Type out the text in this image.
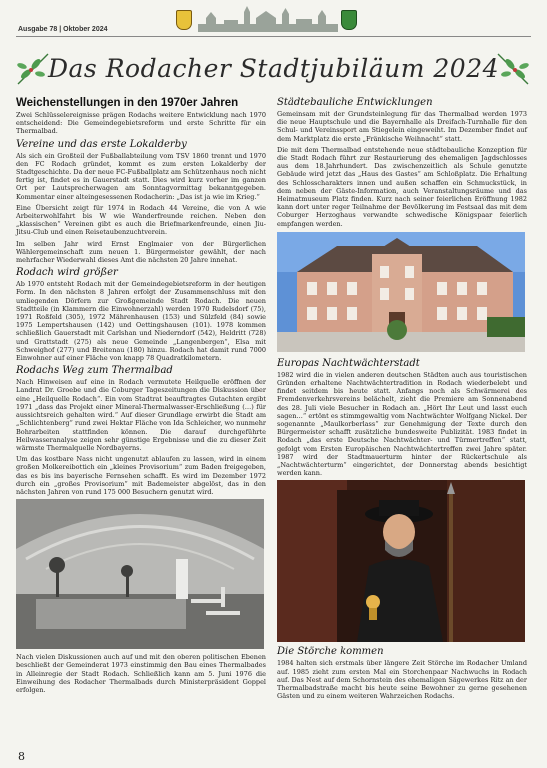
Ausgabe 78 | Oktober 2024
Das Rodacher Stadtjubiläum 2024
Weichenstellungen in den 1970er Jahren

Zwei Schlüsselereignisse prägen Rodachs weitere Entwicklung nach 1970 entscheidend: Die Gemeindegebietsreform und erste Schritte für ein Thermalbad.

Vereine und das erste Lokalderby

Als sich ein Großteil der Fußballabteilung vom TSV 1860 trennt und 1970 den FC Rodach gründet, kommt es zum ersten Lokalderby der Stadtgeschichte. Da der neue FC-Fußballplatz am Schützenhaus noch nicht fertig ist, findet es in Gauerstadt statt. Dies wird kurz vorher im ganzen Ort per Lautsprecherwagen am Sonntagvormittag bekanntgegeben. Kommentar einer alteingesessenen Rodacherin: „Das ist ja wie im Krieg.“

Eine Übersicht zeigt für 1974 in Rodach 44 Vereine, die von A wie Arbeiterwohlfahrt bis W wie Wanderfreunde reichen. Neben den „klassischen“ Vereinen gibt es auch die Briefmarkenfreunde, einen Jiu-Jitsu-Club und einen Reisetaubenzuchtverein.

Im selben Jahr wird Ernst Englmaier von der Bürgerlichen Wählergemeinschaft zum neuen 1. Bürgermeister gewählt, der nach mehrfacher Wiederwahl dieses Amt die nächsten 20 Jahre innehat.

Rodach wird größer

Ab 1970 entsteht Rodach mit der Gemeindegebietsreform in der heutigen Form. In den nächsten 8 Jahren erfolgt der Zusammenschluss mit den umliegenden Dörfern zur Großgemeinde Stadt Rodach. Die neuen Stadtteile (in Klammern die Einwohnerzahl) werden 1970 Rudelsdorf (75), 1971 Roßfeld (305), 1972 Mährenhausen (153) und Sülzfeld (84) sowie 1975 Lempertshausen (142) und Oettingshausen (101). 1978 kommen schließlich Gauerstadt mit Carlshan und Niederndorf (542), Heldritt (728) und Grattstadt (275) als neue Gemeinde „Langenbergen“, Elsa mit Schweighof (277) und Breitenau (180) hinzu. Rodach hat damit rund 7000 Einwohner auf einer Fläche von knapp 78 Quadratkilometern.

Rodachs Weg zum Thermalbad

Nach Hinweisen auf eine in Rodach vermutete Heilquelle eröffnen der Landrat Dr. Groebe und die Coburger Tageszeitungen die Diskussion über eine „Heilquelle Rodach“. Ein vom Stadtrat beauftragtes Gutachten ergibt 1971 „dass das Projekt einer Mineral-Thermalwasser-Erschließung (…) für aussichtsreich gehalten wird.“ Auf dieser Grundlage erwirbt die Stadt am „Schlichtenberg“ rund zwei Hektar Fläche von Ida Schleicher, wo nunmehr Bohrarbeiten stattfinden können. Die darauf durchgeführte Heilwasseranalyse zeigen sehr günstige Ergebnisse und die zu dieser Zeit wärmste Thermalquelle Nordbayerns.

Um das kostbare Nass nicht ungenutzt ablaufen zu lassen, wird in einem großen Molkereibottich ein „kleines Provisorium“ zum Baden freigegeben, das es bis ins bayerische Fernsehen schafft. Es wird im Dezember 1972 durch ein „großes Provisorium“ mit Bademeister abgelöst, das in den nächsten Jahren von rund 175 000 Besuchern genutzt wird.

Nach vielen Diskussionen auch auf und mit den oberen politischen Ebenen beschließt der Gemeinderat 1973 einstimmig den Bau eines Thermalbades in Alleinregie der Stadt Rodach. Schließlich kann am 5. Juni 1976 die Einweihung des Rodacher Thermalbads durch Ministerpräsident Goppel erfolgen.

Städtebauliche Entwicklungen

Gemeinsam mit der Grundsteinlegung für das Thermalbad werden 1973 die neue Hauptschule und die Bayernhalle als Dreifach-Turnhalle für den Schul- und Vereinssport am Stiegelein eingeweiht. Im Dezember findet auf dem Marktplatz die erste „Fränkische Weihnacht“ statt.

Die mit dem Thermalbad entstehende neue städtebauliche Konzeption für die Stadt Rodach führt zur Restaurierung des ehemaligen Jagdschlosses aus dem 18.Jahrhundert. Das zwischenzeitlich als Schule genutzte Gebäude wird jetzt das „Haus des Gastes“ am Schloßplatz. Die Erhaltung des Schlosscharakters innen und außen schaffen ein Schmuckstück, in dem neben der Gäste-Information, auch Veranstaltungsräume und das Heimatmuseum Platz finden. Kurz nach seiner feierlichen Eröffnung 1982 kann dort unter reger Teilnahme der Bevölkerung im Festsaal das mit dem Coburger Herzoghaus verwandte schwedische Königspaar feierlich empfangen werden.

Europas Nachtwächterstadt

1982 wird die in vielen anderen deutschen Städten auch aus touristischen Gründen erhaltene Nachtwächtertradition in Rodach wiederbelebt und findet seitdem bis heute statt. Anfangs noch als Schwärmerei des Fremdenverkehrsvereins belächelt, zieht die Premiere am Sonnenabend des 28. Juli viele Besucher in Rodach an. „Hört Ihr Leut und lasst euch sagen…“ ertönt es stimmgewaltig vom Nachtwächter Wolfgang Nickel. Der sogenannte „Maulkorberlass“ zur Genehmigung der Texte durch den Bürgermeister schafft zusätzliche bundesweite Publizität. 1983 findet in Rodach „das erste Deutsche Nachtwächter- und Türmertreffen“ statt, gefolgt vom Ersten Europäischen Nachtwächtertreffen zwei Jahre später. 1987 wird der Stadtmauerturm hinter der Rückertschule als „Nachtwächterturm“ eingerichtet, der Donnerstag abends besichtigt werden kann.

Die Störche kommen

1984 halten sich erstmals über längere Zeit Störche im Rodacher Umland auf. 1985 zieht zum ersten Mal ein Storchenpaar Nachwuchs in Rodach auf. Das Nest auf dem Schornstein des ehemaligen Sägewerkes Ritz an der Thermalbadstraße macht bis heute seine Bewohner zu gerne gesehenen Gästen und zu einem weiteren Wahrzeichen Rodachs.

8
